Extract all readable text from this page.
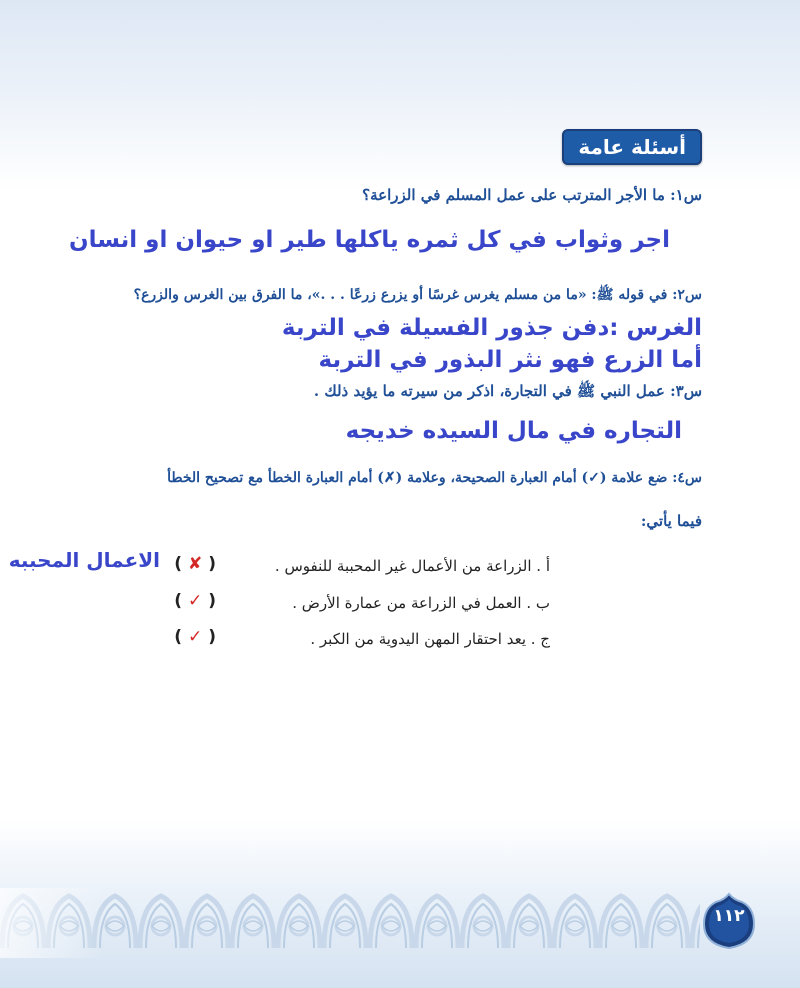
أسئلة عامة
س١: ما الأجر المترتب على عمل المسلم في الزراعة؟
اجر وثواب في كل ثمره ياكلها طير او حيوان او انسان
س٢: في قوله ﷺ: «ما من مسلم يغرس غرسًا أو يزرع زرعًا . . .»، ما الفرق بين الغرس والزرع؟
الغرس :دفن جذور الفسيلة في التربة
أما الزرع فهو نثر البذور في التربة
س٣: عمل النبي ﷺ في التجارة، اذكر من سيرته ما يؤيد ذلك .
التجاره في مال السيده خديجه
س٤: ضع علامة (✓) أمام العبارة الصحيحة، وعلامة (✗) أمام العبارة الخطأ مع تصحيح الخطأ
فيما يأتي:
أ . الزراعة من الأعمال غير المحببة للنفوس .
(✘)
الاعمال المحببه
ب . العمل في الزراعة من عمارة الأرض .
(✓)
ج . يعد احتقار المهن اليدوية من الكبر .
(✓)
١١٢
